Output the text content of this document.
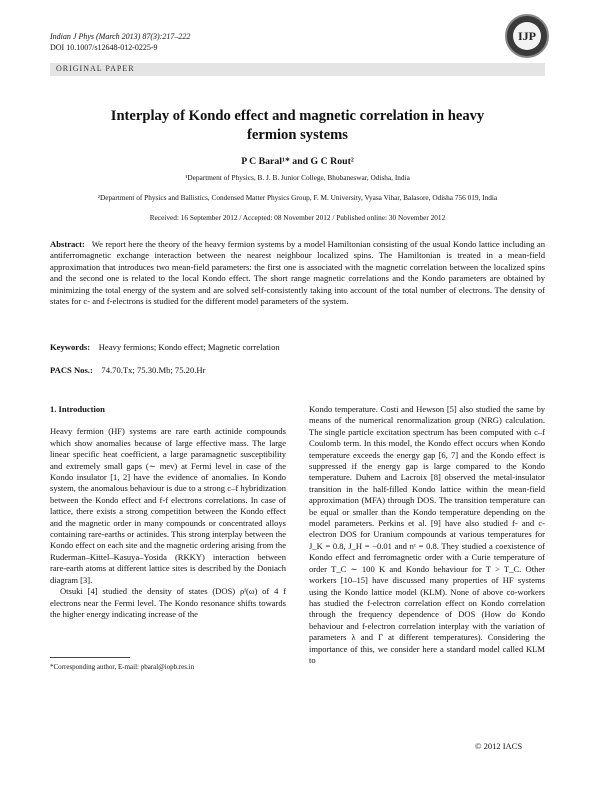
Indian J Phys (March 2013) 87(3):217–222
DOI 10.1007/s12648-012-0225-9
IJP
ORIGINAL PAPER
Interplay of Kondo effect and magnetic correlation in heavy
fermion systems
P C Baral¹* and G C Rout²
¹Department of Physics, B. J. B. Junior College, Bhubaneswar, Odisha, India
²Department of Physics and Ballistics, Condensed Matter Physics Group, F. M. University, Vyasa Vihar, Balasore, Odisha 756 019, India
Received: 16 September 2012 / Accepted: 08 November 2012 / Published online: 30 November 2012
Abstract: We report here the theory of the heavy fermion systems by a model Hamiltonian consisting of the usual Kondo lattice including an antiferromagnetic exchange interaction between the nearest neighbour localized spins. The Hamiltonian is treated in a mean-field approximation that introduces two mean-field parameters: the first one is associated with the magnetic correlation between the localized spins and the second one is related to the local Kondo effect. The short range magnetic correlations and the Kondo parameters are obtained by minimizing the total energy of the system and are solved self-consistently taking into account of the total number of electrons. The density of states for c- and f-electrons is studied for the different model parameters of the system.
Keywords: Heavy fermions; Kondo effect; Magnetic correlation
PACS Nos.: 74.70.Tx; 75.30.Mb; 75.20.Hr

1. Introduction

Heavy fermion (HF) systems are rare earth actinide compounds which show anomalies because of large effective mass. The large linear specific heat coefficient, a large paramagnetic susceptibility and extremely small gaps (∼ mev) at Fermi level in case of the Kondo insulator [1, 2] have the evidence of anomalies. In Kondo system, the anomalous behaviour is due to a strong c–f hybridization between the Kondo effect and f-f electrons correlations. In case of lattice, there exists a strong competition between the Kondo effect and the magnetic order in many compounds or concentrated alloys containing rare-earths or actinides. This strong interplay between the Kondo effect on each site and the magnetic ordering arising from the Ruderman–Kittel–Kasuya–Yosida (RKKY) interaction between rare-earth atoms at different lattice sites is described by the Doniach diagram [3].

Otsuki [4] studied the density of states (DOS) ρᶠ(ω) of 4 f electrons near the Fermi level. The Kondo resonance shifts towards the higher energy indicating increase of the

Kondo temperature. Costi and Hewson [5] also studied the same by means of the numerical renormalization group (NRG) calculation. The single particle excitation spectrum has been computed with c–f Coulomb term. In this model, the Kondo effect occurs when Kondo temperature exceeds the energy gap [6, 7] and the Kondo effect is suppressed if the energy gap is large compared to the Kondo temperature. Duhem and Lacroix [8] observed the metal-insulator transition in the half-filled Kondo lattice within the mean-field approximation (MFA) through DOS. The transition temperature can be equal or smaller than the Kondo temperature depending on the model parameters. Perkins et al. [9] have also studied f- and c-electron DOS for Uranium compounds at various temperatures for J_K = 0.8, J_H = −0.01 and nᶜ = 0.8. They studied a coexistence of Kondo effect and ferromagnetic order with a Curie temperature of order T_C ∼ 100 K and Kondo behaviour for T > T_C. Other workers [10–15] have discussed many properties of HF systems using the Kondo lattice model (KLM). None of above co-workers has studied the f-electron correlation effect on Kondo correlation through the frequency dependence of DOS (How do Kondo behaviour and f-electron correlation interplay with the variation of parameters λ and Γ at different temperatures). Considering the importance of this, we consider here a standard model called KLM to

*Corresponding author, E-mail: pbaral@iopb.res.in
© 2012 IACS
